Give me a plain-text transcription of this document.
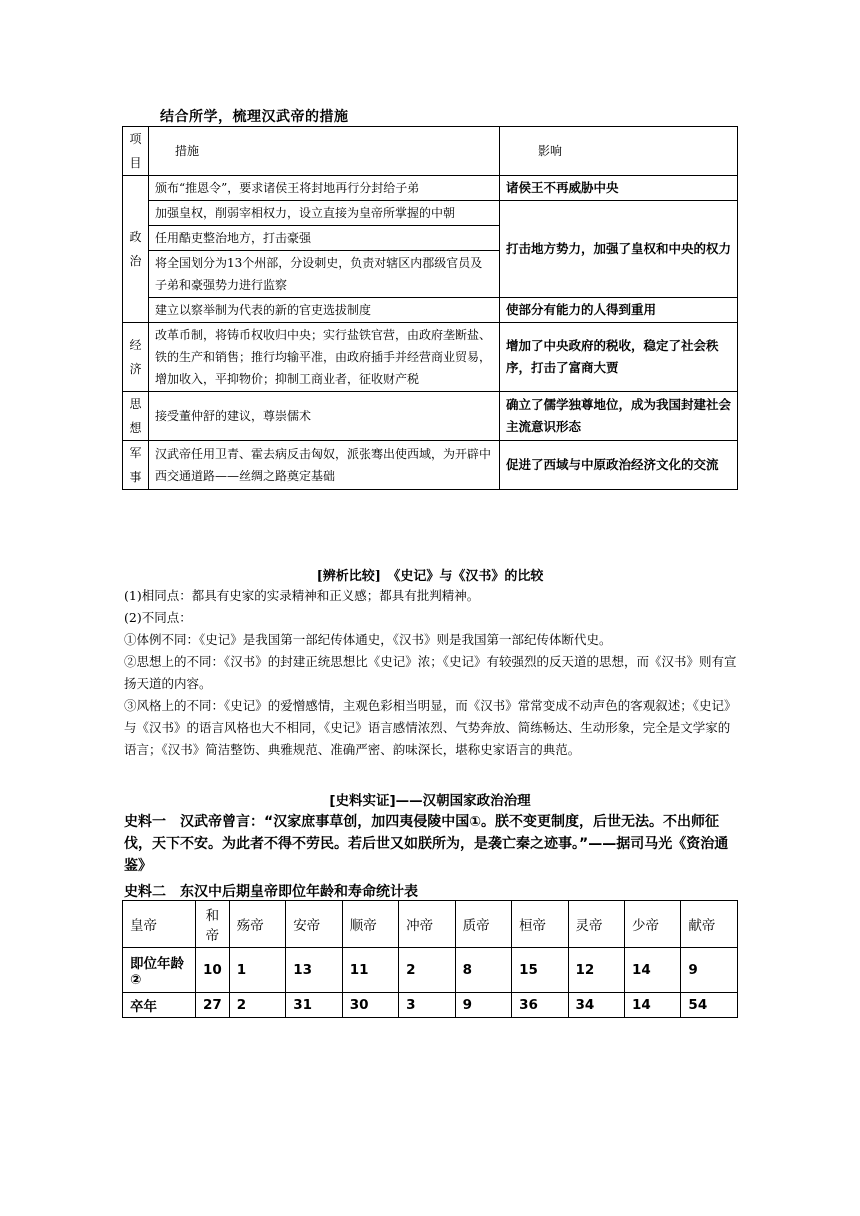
结合所学，梳理汉武帝的措施
项目	措施	影响
政治	颁布“推恩令”，要求诸侯王将封地再行分封给子弟	诸侯王不再威胁中央
	加强皇权，削弱宰相权力，设立直接为皇帝所掌握的中朝	打击地方势力，加强了皇权和中央的权力
	任用酷吏整治地方，打击豪强	
	将全国划分为13个州部，分设刺史，负责对辖区内郡级官员及子弟和豪强势力进行监察	
	建立以察举制为代表的新的官吏选拔制度	使部分有能力的人得到重用
经济	改革币制，将铸币权收归中央；实行盐铁官营，由政府垄断盐、铁的生产和销售；推行均输平准，由政府插手并经营商业贸易，增加收入，平抑物价；抑制工商业者，征收财产税	增加了中央政府的税收，稳定了社会秩序，打击了富商大贾
思想	接受董仲舒的建议，尊崇儒术	确立了儒学独尊地位，成为我国封建社会主流意识形态
军事	汉武帝任用卫青、霍去病反击匈奴，派张骞出使西域，为开辟中西交通道路——丝绸之路奠定基础	促进了西域与中原政治经济文化的交流
[辨析比较]　《史记》与《汉书》的比较
(1)相同点：都具有史家的实录精神和正义感；都具有批判精神。
(2)不同点：
①体例不同：《史记》是我国第一部纪传体通史，《汉书》则是我国第一部纪传体断代史。
②思想上的不同：《汉书》的封建正统思想比《史记》浓；《史记》有较强烈的反天道的思想，而《汉书》则有宣扬天道的内容。
③风格上的不同：《史记》的爱憎感情，主观色彩相当明显，而《汉书》常常变成不动声色的客观叙述；《史记》与《汉书》的语言风格也大不相同，《史记》语言感情浓烈、气势奔放、简练畅达、生动形象，完全是文学家的语言；《汉书》简洁整饬、典雅规范、准确严密、韵味深长，堪称史家语言的典范。
[史料实证]——汉朝国家政治治理
史料一　汉武帝曾言：“汉家庶事草创，加四夷侵陵中国①。朕不变更制度，后世无法。不出师征伐，天下不安。为此者不得不劳民。若后世又如朕所为，是袭亡秦之迹事。”——据司马光《资治通鉴》
史料二　东汉中后期皇帝即位年龄和寿命统计表
皇帝	和帝	殇帝	安帝	顺帝	冲帝	质帝	桓帝	灵帝	少帝	献帝
即位年龄②	10	1	13	11	2	8	15	12	14	9
卒年	27	2	31	30	3	9	36	34	14	54
